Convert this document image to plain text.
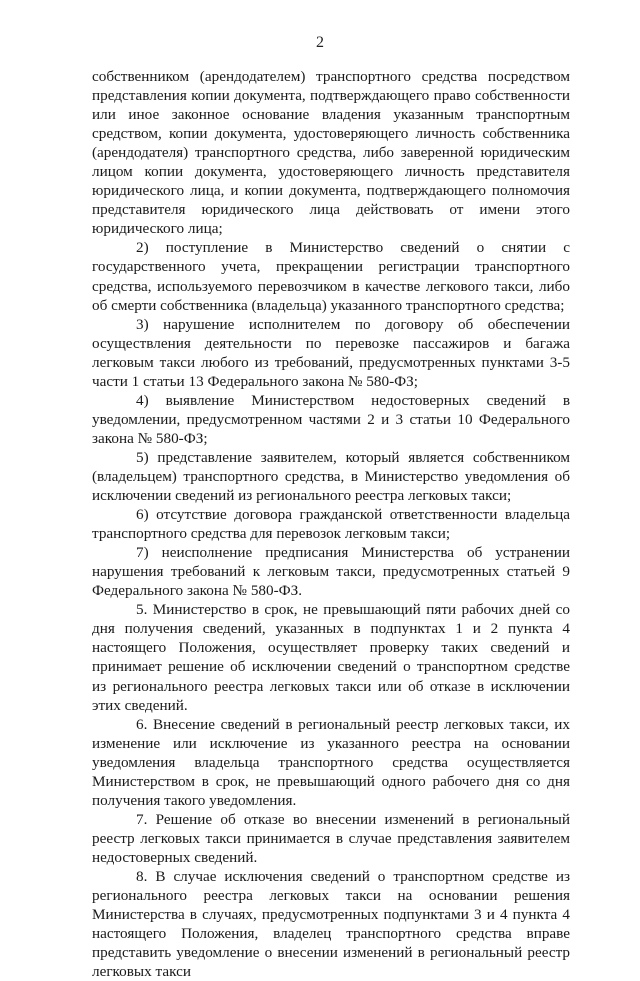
2

собственником (арендодателем) транспортного средства посредством представления копии документа, подтверждающего право собственности или иное законное основание владения указанным транспортным средством, копии документа, удостоверяющего личность собственника (арендодателя) транспортного средства, либо заверенной юридическим лицом копии документа, удостоверяющего личность представителя юридического лица, и копии документа, подтверждающего полномочия представителя юридического лица действовать от имени этого юридического лица;

2) поступление в Министерство сведений о снятии с государственного учета, прекращении регистрации транспортного средства, используемого перевозчиком в качестве легкового такси, либо об смерти собственника (владельца) указанного транспортного средства;

3) нарушение исполнителем по договору об обеспечении осуществления деятельности по перевозке пассажиров и багажа легковым такси любого из требований, предусмотренных пунктами 3-5 части 1 статьи 13 Федерального закона № 580-ФЗ;

4) выявление Министерством недостоверных сведений в уведомлении, предусмотренном частями 2 и 3 статьи 10 Федерального закона № 580-ФЗ;

5) представление заявителем, который является собственником (владельцем) транспортного средства, в Министерство уведомления об исключении сведений из регионального реестра легковых такси;

6) отсутствие договора гражданской ответственности владельца транспортного средства для перевозок легковым такси;

7) неисполнение предписания Министерства об устранении нарушения требований к легковым такси, предусмотренных статьей 9 Федерального закона № 580-ФЗ.

5. Министерство в срок, не превышающий пяти рабочих дней со дня получения сведений, указанных в подпунктах 1 и 2 пункта 4 настоящего Положения, осуществляет проверку таких сведений и принимает решение об исключении сведений о транспортном средстве из регионального реестра легковых такси или об отказе в исключении этих сведений.

6. Внесение сведений в региональный реестр легковых такси, их изменение или исключение из указанного реестра на основании уведомления владельца транспортного средства осуществляется Министерством в срок, не превышающий одного рабочего дня со дня получения такого уведомления.

7. Решение об отказе во внесении изменений в региональный реестр легковых такси принимается в случае представления заявителем недостоверных сведений.

8. В случае исключения сведений о транспортном средстве из регионального реестра легковых такси на основании решения Министерства в случаях, предусмотренных подпунктами 3 и 4 пункта 4 настоящего Положения, владелец транспортного средства вправе представить уведомление о внесении изменений в региональный реестр легковых такси
